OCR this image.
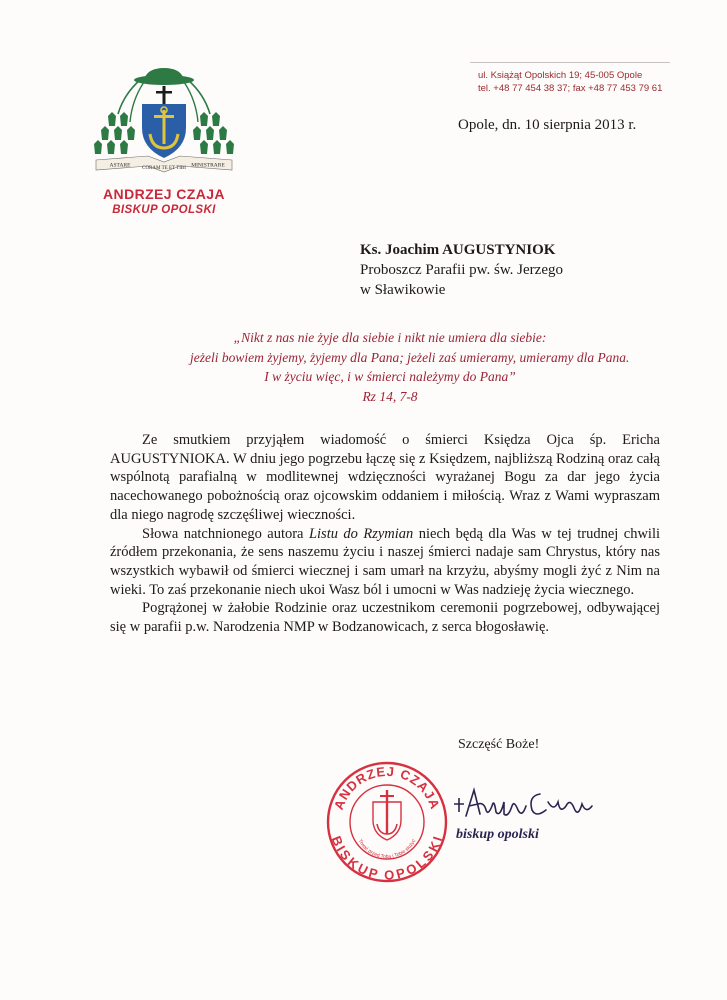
ASTARE	MINISTRARE
CORAM TE ET TIBI
ANDRZEJ CZAJA
BISKUP OPOLSKI
ul. Książąt Opolskich 19; 45-005 Opole
tel. +48 77 454 38 37; fax +48 77 453 79 61
Opole, dn. 10 sierpnia 2013 r.
Ks. Joachim AUGUSTYNIOK
Proboszcz Parafii pw. św. Jerzego
w Sławikowie
„Nikt z nas nie żyje dla siebie i nikt nie umiera dla siebie:
jeżeli bowiem żyjemy, żyjemy dla Pana; jeżeli zaś umieramy, umieramy dla Pana.
I w życiu więc, i w śmierci należymy do Pana”
Rz 14, 7-8

Ze smutkiem przyjąłem wiadomość o śmierci Księdza Ojca śp. Ericha AUGUSTYNIOKA. W dniu jego pogrzebu łączę się z Księdzem, najbliższą Rodziną oraz całą wspólnotą parafialną w modlitewnej wdzięczności wyrażanej Bogu za dar jego życia nacechowanego pobożnością oraz ojcowskim oddaniem i miłością. Wraz z Wami wypraszam dla niego nagrodę szczęśliwej wieczności.

Słowa natchnionego autora Listu do Rzymian niech będą dla Was w tej trudnej chwili źródłem przekonania, że sens naszemu życiu i naszej śmierci nadaje sam Chrystus, który nas wszystkich wybawił od śmierci wiecznej i sam umarł na krzyżu, abyśmy mogli żyć z Nim na wieki. To zaś przekonanie niech ukoi Wasz ból i umocni w Was nadzieję życia wiecznego.

Pogrążonej w żałobie Rodzinie oraz uczestnikom ceremonii pogrzebowej, odbywającej się w parafii p.w. Narodzenia NMP w Bodzanowicach, z serca błogosławię.

Szczęść Boże!
ANDRZEJ CZAJA
BISKUP OPOLSKI
Trwać przed Tobą i Tobie służyć	biskup opolski
